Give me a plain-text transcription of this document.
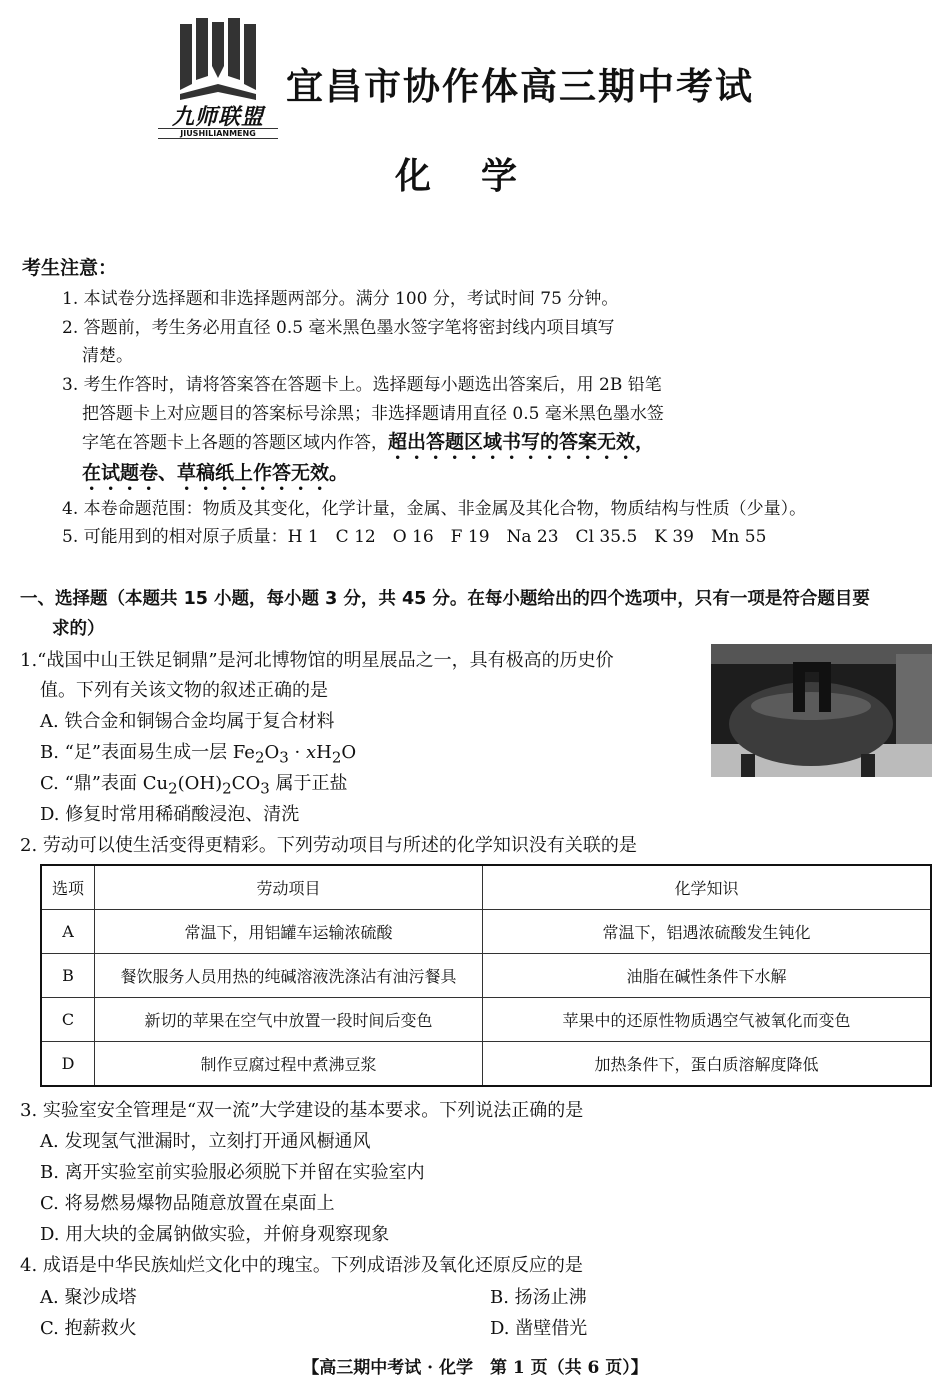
九师联盟
JIUSHILIANMENG
宜昌市协作体高三期中考试
化学
考生注意：
1. 本试卷分选择题和非选择题两部分。满分 100 分，考试时间 75 分钟。
2. 答题前，考生务必用直径 0.5 毫米黑色墨水签字笔将密封线内项目填写
清楚。
3. 考生作答时，请将答案答在答题卡上。选择题每小题选出答案后，用 2B 铅笔
把答题卡上对应题目的答案标号涂黑；非选择题请用直径 0.5 毫米黑色墨水签
字笔在答题卡上各题的答题区域内作答，超出答题区域书写的答案无效，
在试题卷、草稿纸上作答无效。
4. 本卷命题范围：物质及其变化，化学计量，金属、非金属及其化合物，物质结构与性质（少量）。
5. 可能用到的相对原子质量：H 1　C 12　O 16　F 19　Na 23　Cl 35.5　K 39　Mn 55
一、选择题（本题共 15 小题，每小题 3 分，共 45 分。在每小题给出的四个选项中，只有一项是符合题目要
求的）
1.“战国中山王铁足铜鼎”是河北博物馆的明星展品之一，具有极高的历史价
值。下列有关该文物的叙述正确的是
A. 铁合金和铜锡合金均属于复合材料
B. “足”表面易生成一层 $Fe_2O_3 \cdot xH_2O$
C. “鼎”表面 $Cu_2(OH)_2CO_3$ 属于正盐
D. 修复时常用稀硝酸浸泡、清洗
2. 劳动可以使生活变得更精彩。下列劳动项目与所述的化学知识没有关联的是
选项	劳动项目	化学知识
A	常温下，用铝罐车运输浓硫酸	常温下，铝遇浓硫酸发生钝化
B	餐饮服务人员用热的纯碱溶液洗涤沾有油污餐具	油脂在碱性条件下水解
C	新切的苹果在空气中放置一段时间后变色	苹果中的还原性物质遇空气被氧化而变色
D	制作豆腐过程中煮沸豆浆	加热条件下，蛋白质溶解度降低
3. 实验室安全管理是“双一流”大学建设的基本要求。下列说法正确的是
A. 发现氢气泄漏时，立刻打开通风橱通风
B. 离开实验室前实验服必须脱下并留在实验室内
C. 将易燃易爆物品随意放置在桌面上
D. 用大块的金属钠做实验，并俯身观察现象
4. 成语是中华民族灿烂文化中的瑰宝。下列成语涉及氧化还原反应的是
A. 聚沙成塔	B. 扬汤止沸
C. 抱薪救火	D. 凿壁借光
【高三期中考试 · 化学　第 1 页（共 6 页）】
